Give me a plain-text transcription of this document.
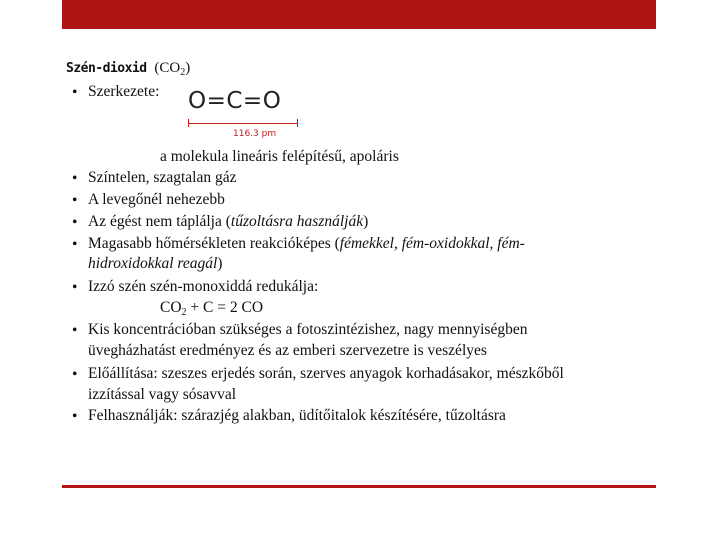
Szén-dioxid $(CO_2)$
• Szerkezete: O=C=O
116.3 pm
a molekula lineáris felépítésű, apoláris
• Színtelen, szagtalan gáz
• A levegőnél nehezebb
• Az égést nem táplálja (tűzoltásra használják)
• Magasabb hőmérsékleten reakcióképes (fémekkel, fém-oxidokkal, fém-
hidroxidokkal reagál)
• Izzó szén szén-monoxiddá redukálja:
$CO_2 + C = 2$ CO
• Kis koncentrációban szükséges a fotoszintézishez, nagy mennyiségben
üvegházhatást eredményez és az emberi szervezetre is veszélyes
• Előállítása: szeszes erjedés során, szerves anyagok korhadásakor, mészkőből
izzítással vagy sósavval
• Felhasználják: szárazjég alakban, üdítőitalok készítésére, tűzoltásra
